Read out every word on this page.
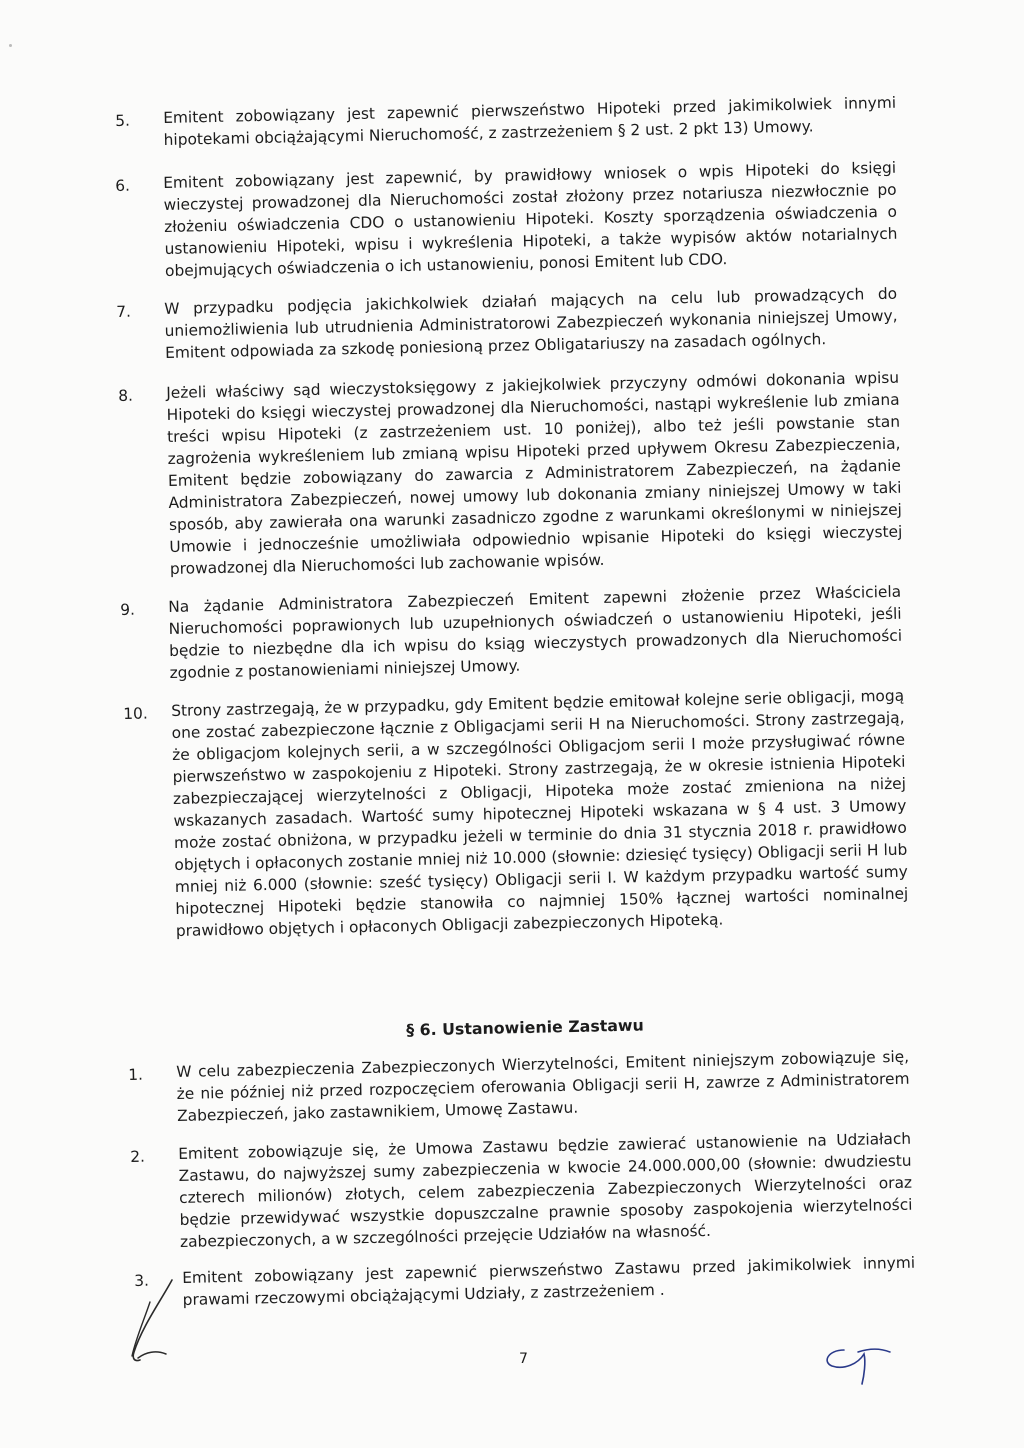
5. Emitent zobowiązany jest zapewnić pierwszeństwo Hipoteki przed jakimikolwiek innymi hipotekami obciążającymi Nieruchomość, z zastrzeżeniem § 2 ust. 2 pkt 13) Umowy.
6. Emitent zobowiązany jest zapewnić, by prawidłowy wniosek o wpis Hipoteki do księgi wieczystej prowadzonej dla Nieruchomości został złożony przez notariusza niezwłocznie po złożeniu oświadczenia CDO o ustanowieniu Hipoteki. Koszty sporządzenia oświadczenia o ustanowieniu Hipoteki, wpisu i wykreślenia Hipoteki, a także wypisów aktów notarialnych obejmujących oświadczenia o ich ustanowieniu, ponosi Emitent lub CDO.
7. W przypadku podjęcia jakichkolwiek działań mających na celu lub prowadzących do uniemożliwienia lub utrudnienia Administratorowi Zabezpieczeń wykonania niniejszej Umowy, Emitent odpowiada za szkodę poniesioną przez Obligatariuszy na zasadach ogólnych.
8. Jeżeli właściwy sąd wieczystoksięgowy z jakiejkolwiek przyczyny odmówi dokonania wpisu Hipoteki do księgi wieczystej prowadzonej dla Nieruchomości, nastąpi wykreślenie lub zmiana treści wpisu Hipoteki (z zastrzeżeniem ust. 10 poniżej), albo też jeśli powstanie stan zagrożenia wykreśleniem lub zmianą wpisu Hipoteki przed upływem Okresu Zabezpieczenia, Emitent będzie zobowiązany do zawarcia z Administratorem Zabezpieczeń, na żądanie Administratora Zabezpieczeń, nowej umowy lub dokonania zmiany niniejszej Umowy w taki sposób, aby zawierała ona warunki zasadniczo zgodne z warunkami określonymi w niniejszej Umowie i jednocześnie umożliwiała odpowiednio wpisanie Hipoteki do księgi wieczystej prowadzonej dla Nieruchomości lub zachowanie wpisów.
9. Na żądanie Administratora Zabezpieczeń Emitent zapewni złożenie przez Właściciela Nieruchomości poprawionych lub uzupełnionych oświadczeń o ustanowieniu Hipoteki, jeśli będzie to niezbędne dla ich wpisu do ksiąg wieczystych prowadzonych dla Nieruchomości zgodnie z postanowieniami niniejszej Umowy.
10. Strony zastrzegają, że w przypadku, gdy Emitent będzie emitował kolejne serie obligacji, mogą one zostać zabezpieczone łącznie z Obligacjami serii H na Nieruchomości. Strony zastrzegają, że obligacjom kolejnych serii, a w szczególności Obligacjom serii I może przysługiwać równe pierwszeństwo w zaspokojeniu z Hipoteki. Strony zastrzegają, że w okresie istnienia Hipoteki zabezpieczającej wierzytelności z Obligacji, Hipoteka może zostać zmieniona na niżej wskazanych zasadach. Wartość sumy hipotecznej Hipoteki wskazana w § 4 ust. 3 Umowy może zostać obniżona, w przypadku jeżeli w terminie do dnia 31 stycznia 2018 r. prawidłowo objętych i opłaconych zostanie mniej niż 10.000 (słownie: dziesięć tysięcy) Obligacji serii H lub mniej niż 6.000 (słownie: sześć tysięcy) Obligacji serii I. W każdym przypadku wartość sumy hipotecznej Hipoteki będzie stanowiła co najmniej 150% łącznej wartości nominalnej prawidłowo objętych i opłaconych Obligacji zabezpieczonych Hipoteką.
§ 6. Ustanowienie Zastawu
1. W celu zabezpieczenia Zabezpieczonych Wierzytelności, Emitent niniejszym zobowiązuje się, że nie później niż przed rozpoczęciem oferowania Obligacji serii H, zawrze z Administratorem Zabezpieczeń, jako zastawnikiem, Umowę Zastawu.
2. Emitent zobowiązuje się, że Umowa Zastawu będzie zawierać ustanowienie na Udziałach Zastawu, do najwyższej sumy zabezpieczenia w kwocie 24.000.000,00 (słownie: dwudziestu czterech milionów) złotych, celem zabezpieczenia Zabezpieczonych Wierzytelności oraz będzie przewidywać wszystkie dopuszczalne prawnie sposoby zaspokojenia wierzytelności zabezpieczonych, a w szczególności przejęcie Udziałów na własność.
3. Emitent zobowiązany jest zapewnić pierwszeństwo Zastawu przed jakimikolwiek innymi prawami rzeczowymi obciążającymi Udziały, z zastrzeżeniem .
7
